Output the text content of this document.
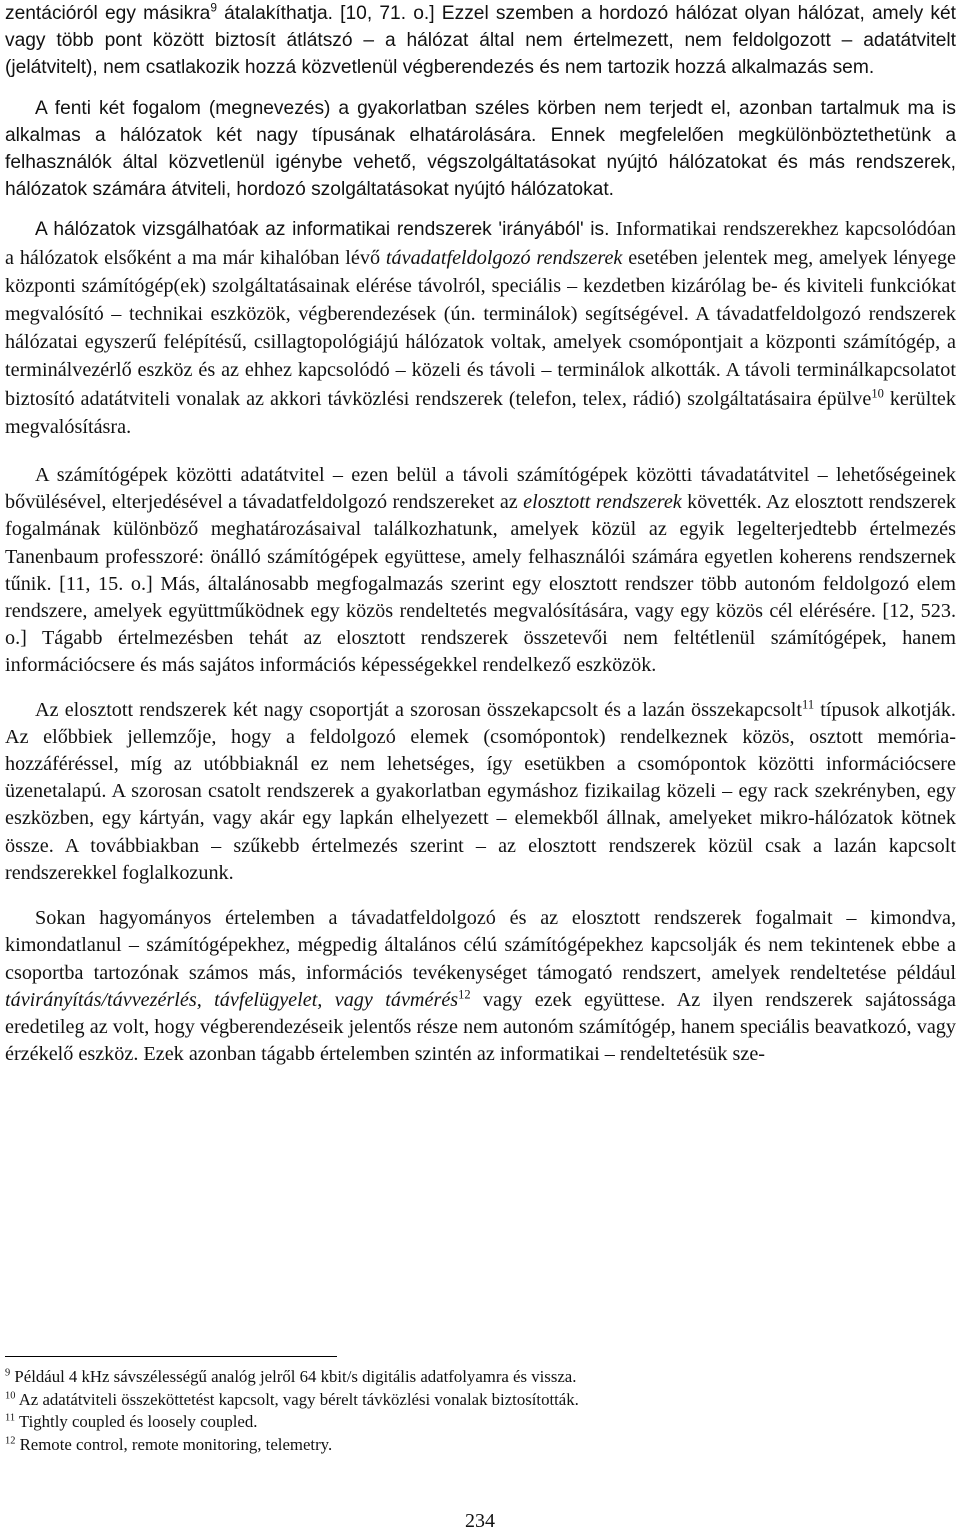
zentációról egy másikra$^9$ átalakíthatja. [10, 71. o.] Ezzel szemben a hordozó hálózat olyan hálózat, amely két vagy több pont között biztosít átlátszó – a hálózat által nem értelmezett, nem feldolgozott – adatátvitelt (jelátvitelt), nem csatlakozik hozzá közvetlenül végberendezés és nem tartozik hozzá alkalmazás sem.

A fenti két fogalom (megnevezés) a gyakorlatban széles körben nem terjedt el, azonban tartalmuk ma is alkalmas a hálózatok két nagy típusának elhatárolására. Ennek megfelelően megkülönböztethetünk a felhasználók által közvetlenül igénybe vehető, végszolgáltatásokat nyújtó hálózatokat és más rendszerek, hálózatok számára átviteli, hordozó szolgáltatásokat nyújtó hálózatokat.

A hálózatok vizsgálhatóak az informatikai rendszerek 'irányából' is. Informatikai rendszerekhez kapcsolódóan a hálózatok elsőként a ma már kihalóban lévő távadatfeldolgozó rendszerek esetében jelentek meg, amelyek lényege központi számítógép(ek) szolgáltatásainak elérése távolról, speciális – kezdetben kizárólag be- és kiviteli funkciókat megvalósító – technikai eszközök, végberendezések (ún. terminálok) segítségével. A távadatfeldolgozó rendszerek hálózatai egyszerű felépítésű, csillagtopológiájú hálózatok voltak, amelyek csomópontjait a központi számítógép, a terminálvezérlő eszköz és az ehhez kapcsolódó – közeli és távoli – terminálok alkották. A távoli terminálkapcsolatot biztosító adatátviteli vonalak az akkori távközlési rendszerek (telefon, telex, rádió) szolgáltatásaira épülve$^{10}$ kerültek megvalósításra.

A számítógépek közötti adatátvitel – ezen belül a távoli számítógépek közötti távadatátvitel – lehetőségeinek bővülésével, elterjedésével a távadatfeldolgozó rendszereket az elosztott rendszerek követték. Az elosztott rendszerek fogalmának különböző meghatározásaival találkozhatunk, amelyek közül az egyik legelterjedtebb értelmezés Tanenbaum professzoré: önálló számítógépek együttese, amely felhasználói számára egyetlen koherens rendszernek tűnik. [11, 15. o.] Más, általánosabb megfogalmazás szerint egy elosztott rendszer több autonóm feldolgozó elem rendszere, amelyek együttműködnek egy közös rendeltetés megvalósítására, vagy egy közös cél elérésére. [12, 523. o.] Tágabb értelmezésben tehát az elosztott rendszerek összetevői nem feltétlenül számítógépek, hanem információcsere és más sajátos információs képességekkel rendelkező eszközök.

Az elosztott rendszerek két nagy csoportját a szorosan összekapcsolt és a lazán összekapcsolt$^{11}$ típusok alkotják. Az előbbiek jellemzője, hogy a feldolgozó elemek (csomópontok) rendelkeznek közös, osztott memória-hozzáféréssel, míg az utóbbiaknál ez nem lehetséges, így esetükben a csomópontok közötti információcsere üzenetalapú. A szorosan csatolt rendszerek a gyakorlatban egymáshoz fizikailag közeli – egy rack szekrényben, egy eszközben, egy kártyán, vagy akár egy lapkán elhelyezett – elemekből állnak, amelyeket mikro-hálózatok kötnek össze. A továbbiakban – szűkebb értelmezés szerint – az elosztott rendszerek közül csak a lazán kapcsolt rendszerekkel foglalkozunk.

Sokan hagyományos értelemben a távadatfeldolgozó és az elosztott rendszerek fogalmait – kimondva, kimondatlanul – számítógépekhez, mégpedig általános célú számítógépekhez kapcsolják és nem tekintenek ebbe a csoportba tartozónak számos más, információs tevékenységet támogató rendszert, amelyek rendeltetése például távirányítás/távvezérlés, távfelügyelet, vagy távmérés$^{12}$ vagy ezek együttese. Az ilyen rendszerek sajátossága eredetileg az volt, hogy végberendezéseik jelentős része nem autonóm számítógép, hanem speciális beavatkozó, vagy érzékelő eszköz. Ezek azonban tágabb értelemben szintén az informatikai – rendeltetésük sze-

$^9$ Például 4 kHz sávszélességű analóg jelről 64 kbit/s digitális adatfolyamra és vissza.
$^{10}$ Az adatátviteli összeköttetést kapcsolt, vagy bérelt távközlési vonalak biztosították.
$^{11}$ Tightly coupled és loosely coupled.
$^{12}$ Remote control, remote monitoring, telemetry.
234
